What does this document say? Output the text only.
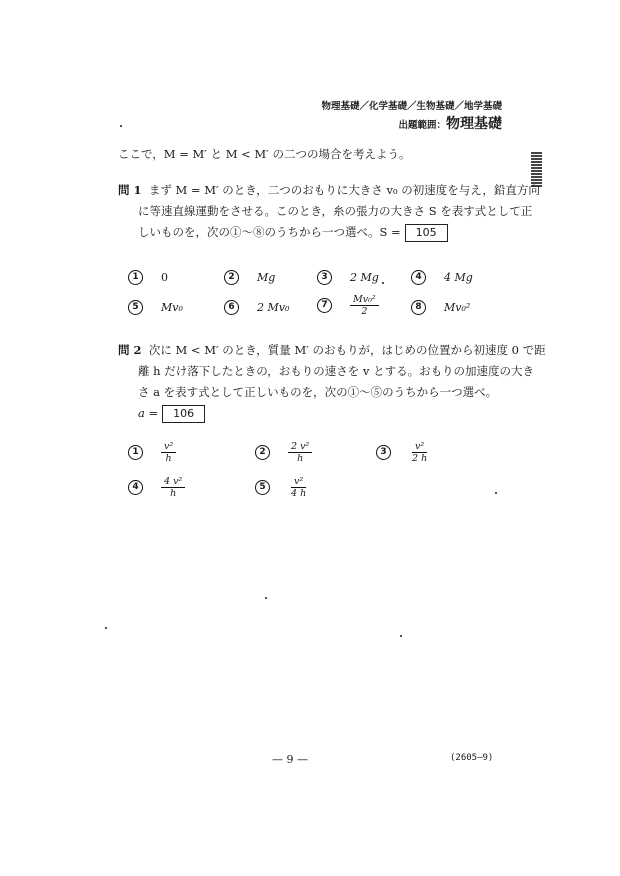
物理基礎／化学基礎／生物基礎／地学基礎
出題範囲：物理基礎
ここで，M = M′ と M < M′ の二つの場合を考えよう。
問 1 まず M = M′ のとき，二つのおもりに大きさ v₀ の初速度を与え，鉛直方向
に等速直線運動をさせる。このとき，糸の張力の大きさ S を表す式として正
しいものを，次の①～⑧のうちから一つ選べ。S = 105
1	0	2	Mg	3	2 Mg	4	4 Mg
5	Mv₀	6	2 Mv₀	7	$\frac{\text{Mv₀²}}{2}$	8	Mv₀²
問 2 次に M < M′ のとき，質量 M′ のおもりが，はじめの位置から初速度 0 で距
離 h だけ落下したときの，おもりの速さを v とする。おもりの加速度の大き
さ a を表す式として正しいものを，次の①～⑤のうちから一つ選べ。
a = 106
1	$\frac{\text{v²}}{h}$	2	$\frac{\text{2 v²}}{h}$	3	$\frac{\text{v²}}{2 h}$
4	$\frac{\text{4 v²}}{h}$	5	$\frac{\text{v²}}{4 h}$
— 9 —	(2605—9)
